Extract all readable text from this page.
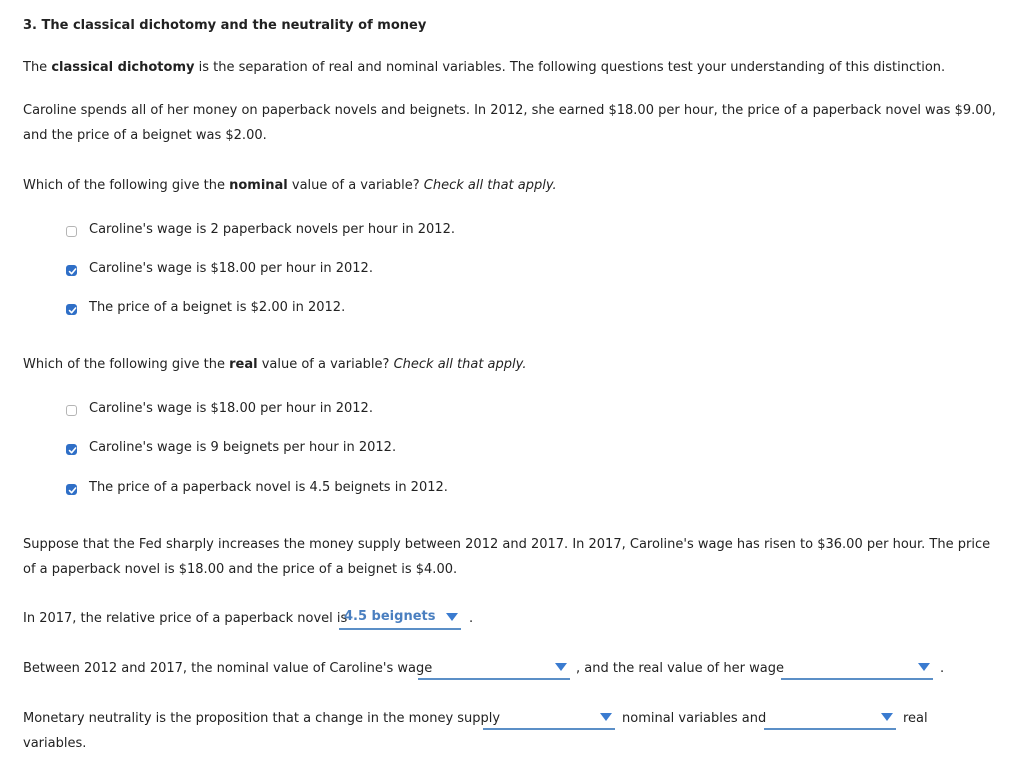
3. The classical dichotomy and the neutrality of money
The classical dichotomy is the separation of real and nominal variables. The following questions test your understanding of this distinction.
Caroline spends all of her money on paperback novels and beignets. In 2012, she earned $18.00 per hour, the price of a paperback novel was $9.00,
and the price of a beignet was $2.00.
Which of the following give the nominal value of a variable? Check all that apply.
Caroline's wage is 2 paperback novels per hour in 2012.
Caroline's wage is $18.00 per hour in 2012.
The price of a beignet is $2.00 in 2012.
Which of the following give the real value of a variable? Check all that apply.
Caroline's wage is $18.00 per hour in 2012.
Caroline's wage is 9 beignets per hour in 2012.
The price of a paperback novel is 4.5 beignets in 2012.
Suppose that the Fed sharply increases the money supply between 2012 and 2017. In 2017, Caroline's wage has risen to $36.00 per hour. The price
of a paperback novel is $18.00 and the price of a beignet is $4.00.
In 2017, the relative price of a paperback novel is
4.5 beignets	.
Between 2012 and 2017, the nominal value of Caroline's wage	, and the real value of her wage	.
Monetary neutrality is the proposition that a change in the money supply	nominal variables and	real
variables.
